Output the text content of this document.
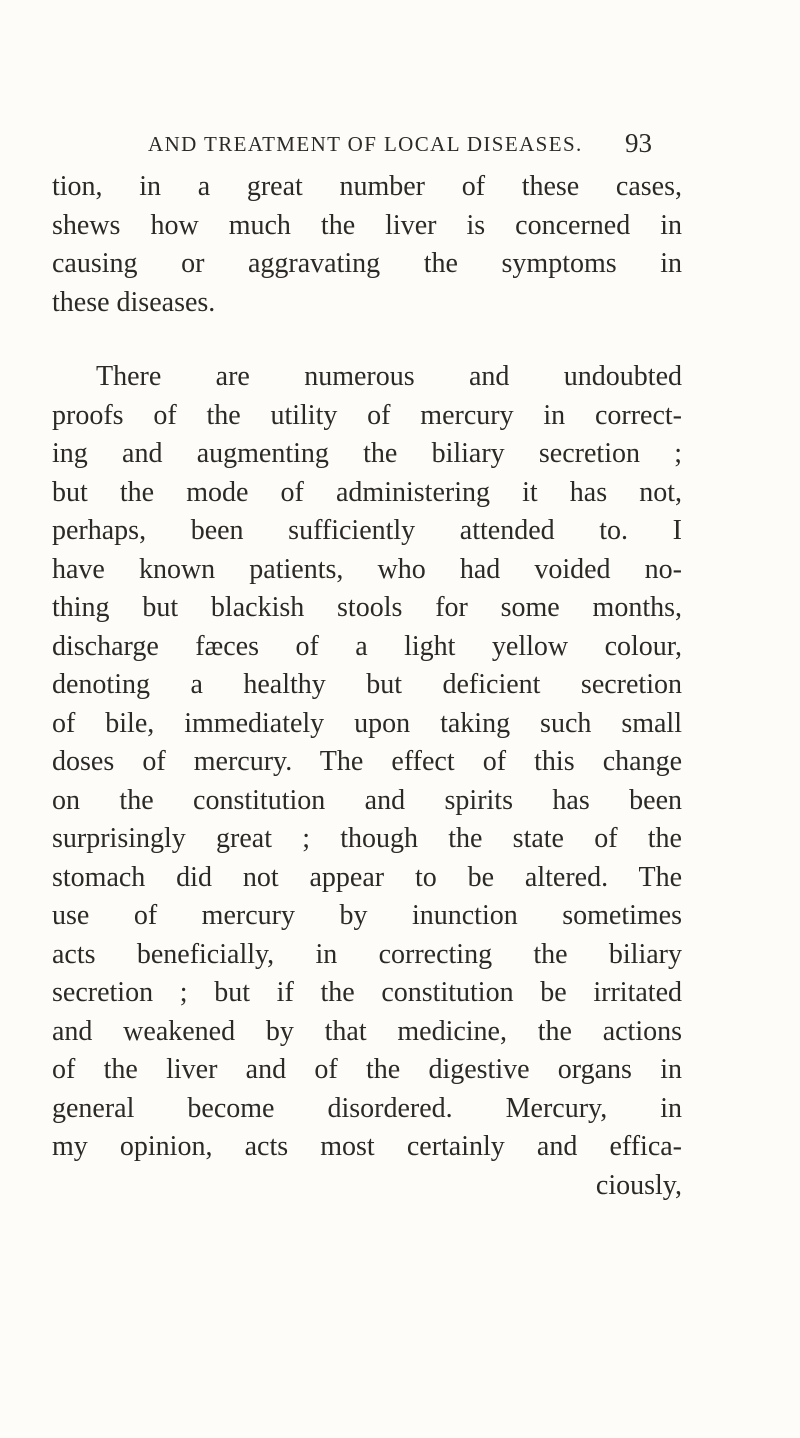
AND TREATMENT OF LOCAL DISEASES. 93
tion, in a great number of these cases,
shews how much the liver is concerned in
causing or aggravating the symptoms in
these diseases.
There are numerous and undoubted
proofs of the utility of mercury in correct-
ing and augmenting the biliary secretion ;
but the mode of administering it has not,
perhaps, been sufficiently attended to. I
have known patients, who had voided no-
thing but blackish stools for some months,
discharge fæces of a light yellow colour,
denoting a healthy but deficient secretion
of bile, immediately upon taking such small
doses of mercury. The effect of this change
on the constitution and spirits has been
surprisingly great ; though the state of the
stomach did not appear to be altered. The
use of mercury by inunction sometimes
acts beneficially, in correcting the biliary
secretion ; but if the constitution be irritated
and weakened by that medicine, the actions
of the liver and of the digestive organs in
general become disordered. Mercury, in
my opinion, acts most certainly and effica-
ciously,
